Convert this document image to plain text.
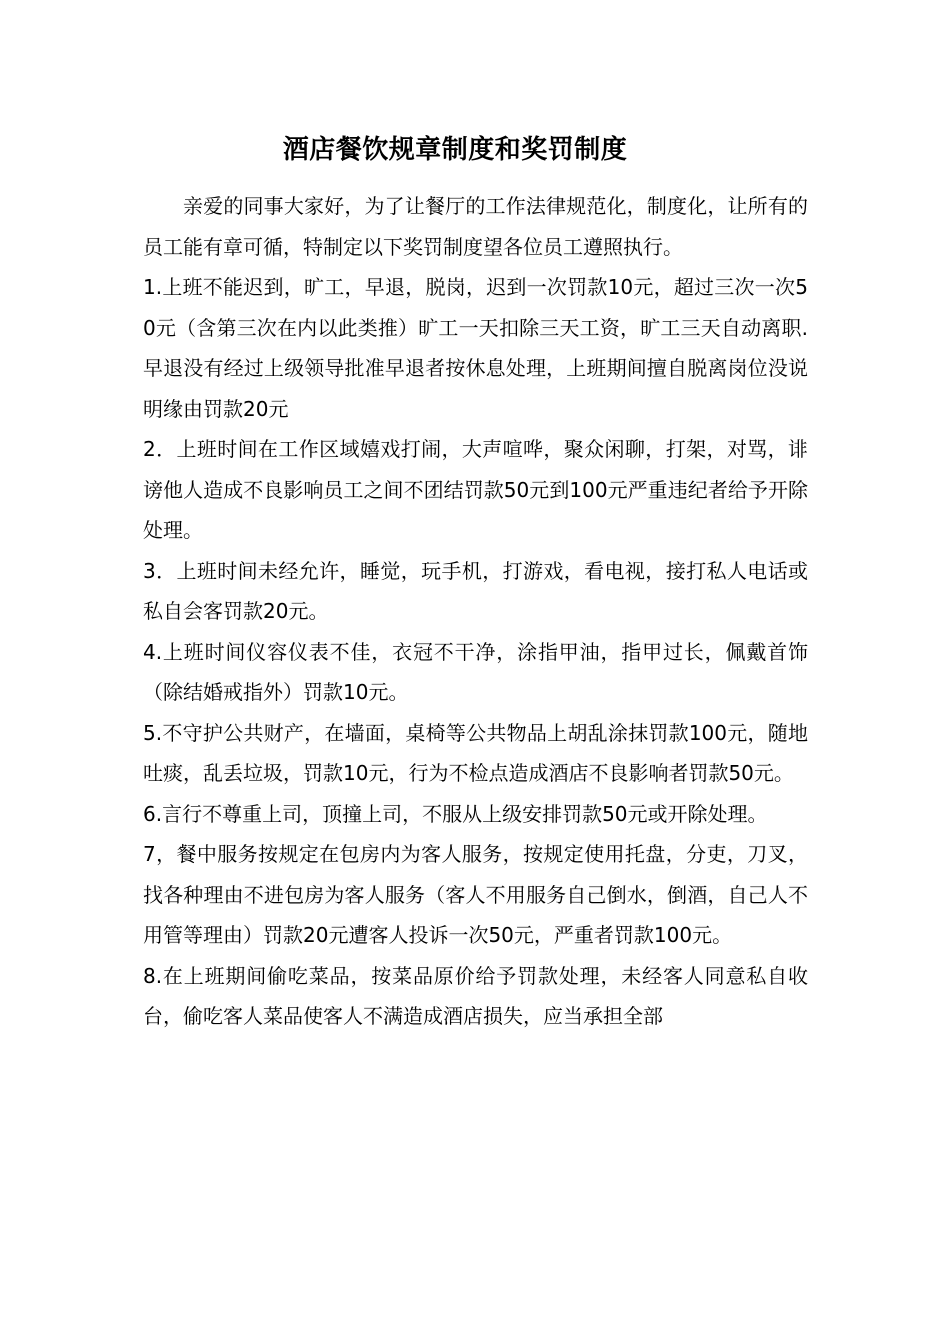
酒店餐饮规章制度和奖罚制度

亲爱的同事大家好，为了让餐厅的工作法律规范化，制度化，让所有的员工能有章可循，特制定以下奖罚制度望各位员工遵照执行。

1.上班不能迟到，旷工，早退，脱岗，迟到一次罚款10元，超过三次一次50元（含第三次在内以此类推）旷工一天扣除三天工资，旷工三天自动离职.早退没有经过上级领导批准早退者按休息处理，上班期间擅自脱离岗位没说明缘由罚款20元

2．上班时间在工作区域嬉戏打闹，大声喧哗，聚众闲聊，打架，对骂，诽谤他人造成不良影响员工之间不团结罚款50元到100元严重违纪者给予开除处理。

3．上班时间未经允许，睡觉，玩手机，打游戏，看电视，接打私人电话或私自会客罚款20元。

4.上班时间仪容仪表不佳，衣冠不干净，涂指甲油，指甲过长，佩戴首饰（除结婚戒指外）罚款10元。

5.不守护公共财产，在墙面，桌椅等公共物品上胡乱涂抹罚款100元，随地吐痰，乱丢垃圾，罚款10元，行为不检点造成酒店不良影响者罚款50元。

6.言行不尊重上司，顶撞上司，不服从上级安排罚款50元或开除处理。

7，餐中服务按规定在包房内为客人服务，按规定使用托盘，分吏，刀叉，找各种理由不进包房为客人服务（客人不用服务自己倒水，倒酒，自己人不用管等理由）罚款20元遭客人投诉一次50元，严重者罚款100元。

8.在上班期间偷吃菜品，按菜品原价给予罚款处理，未经客人同意私自收台，偷吃客人菜品使客人不满造成酒店损失，应当承担全部
